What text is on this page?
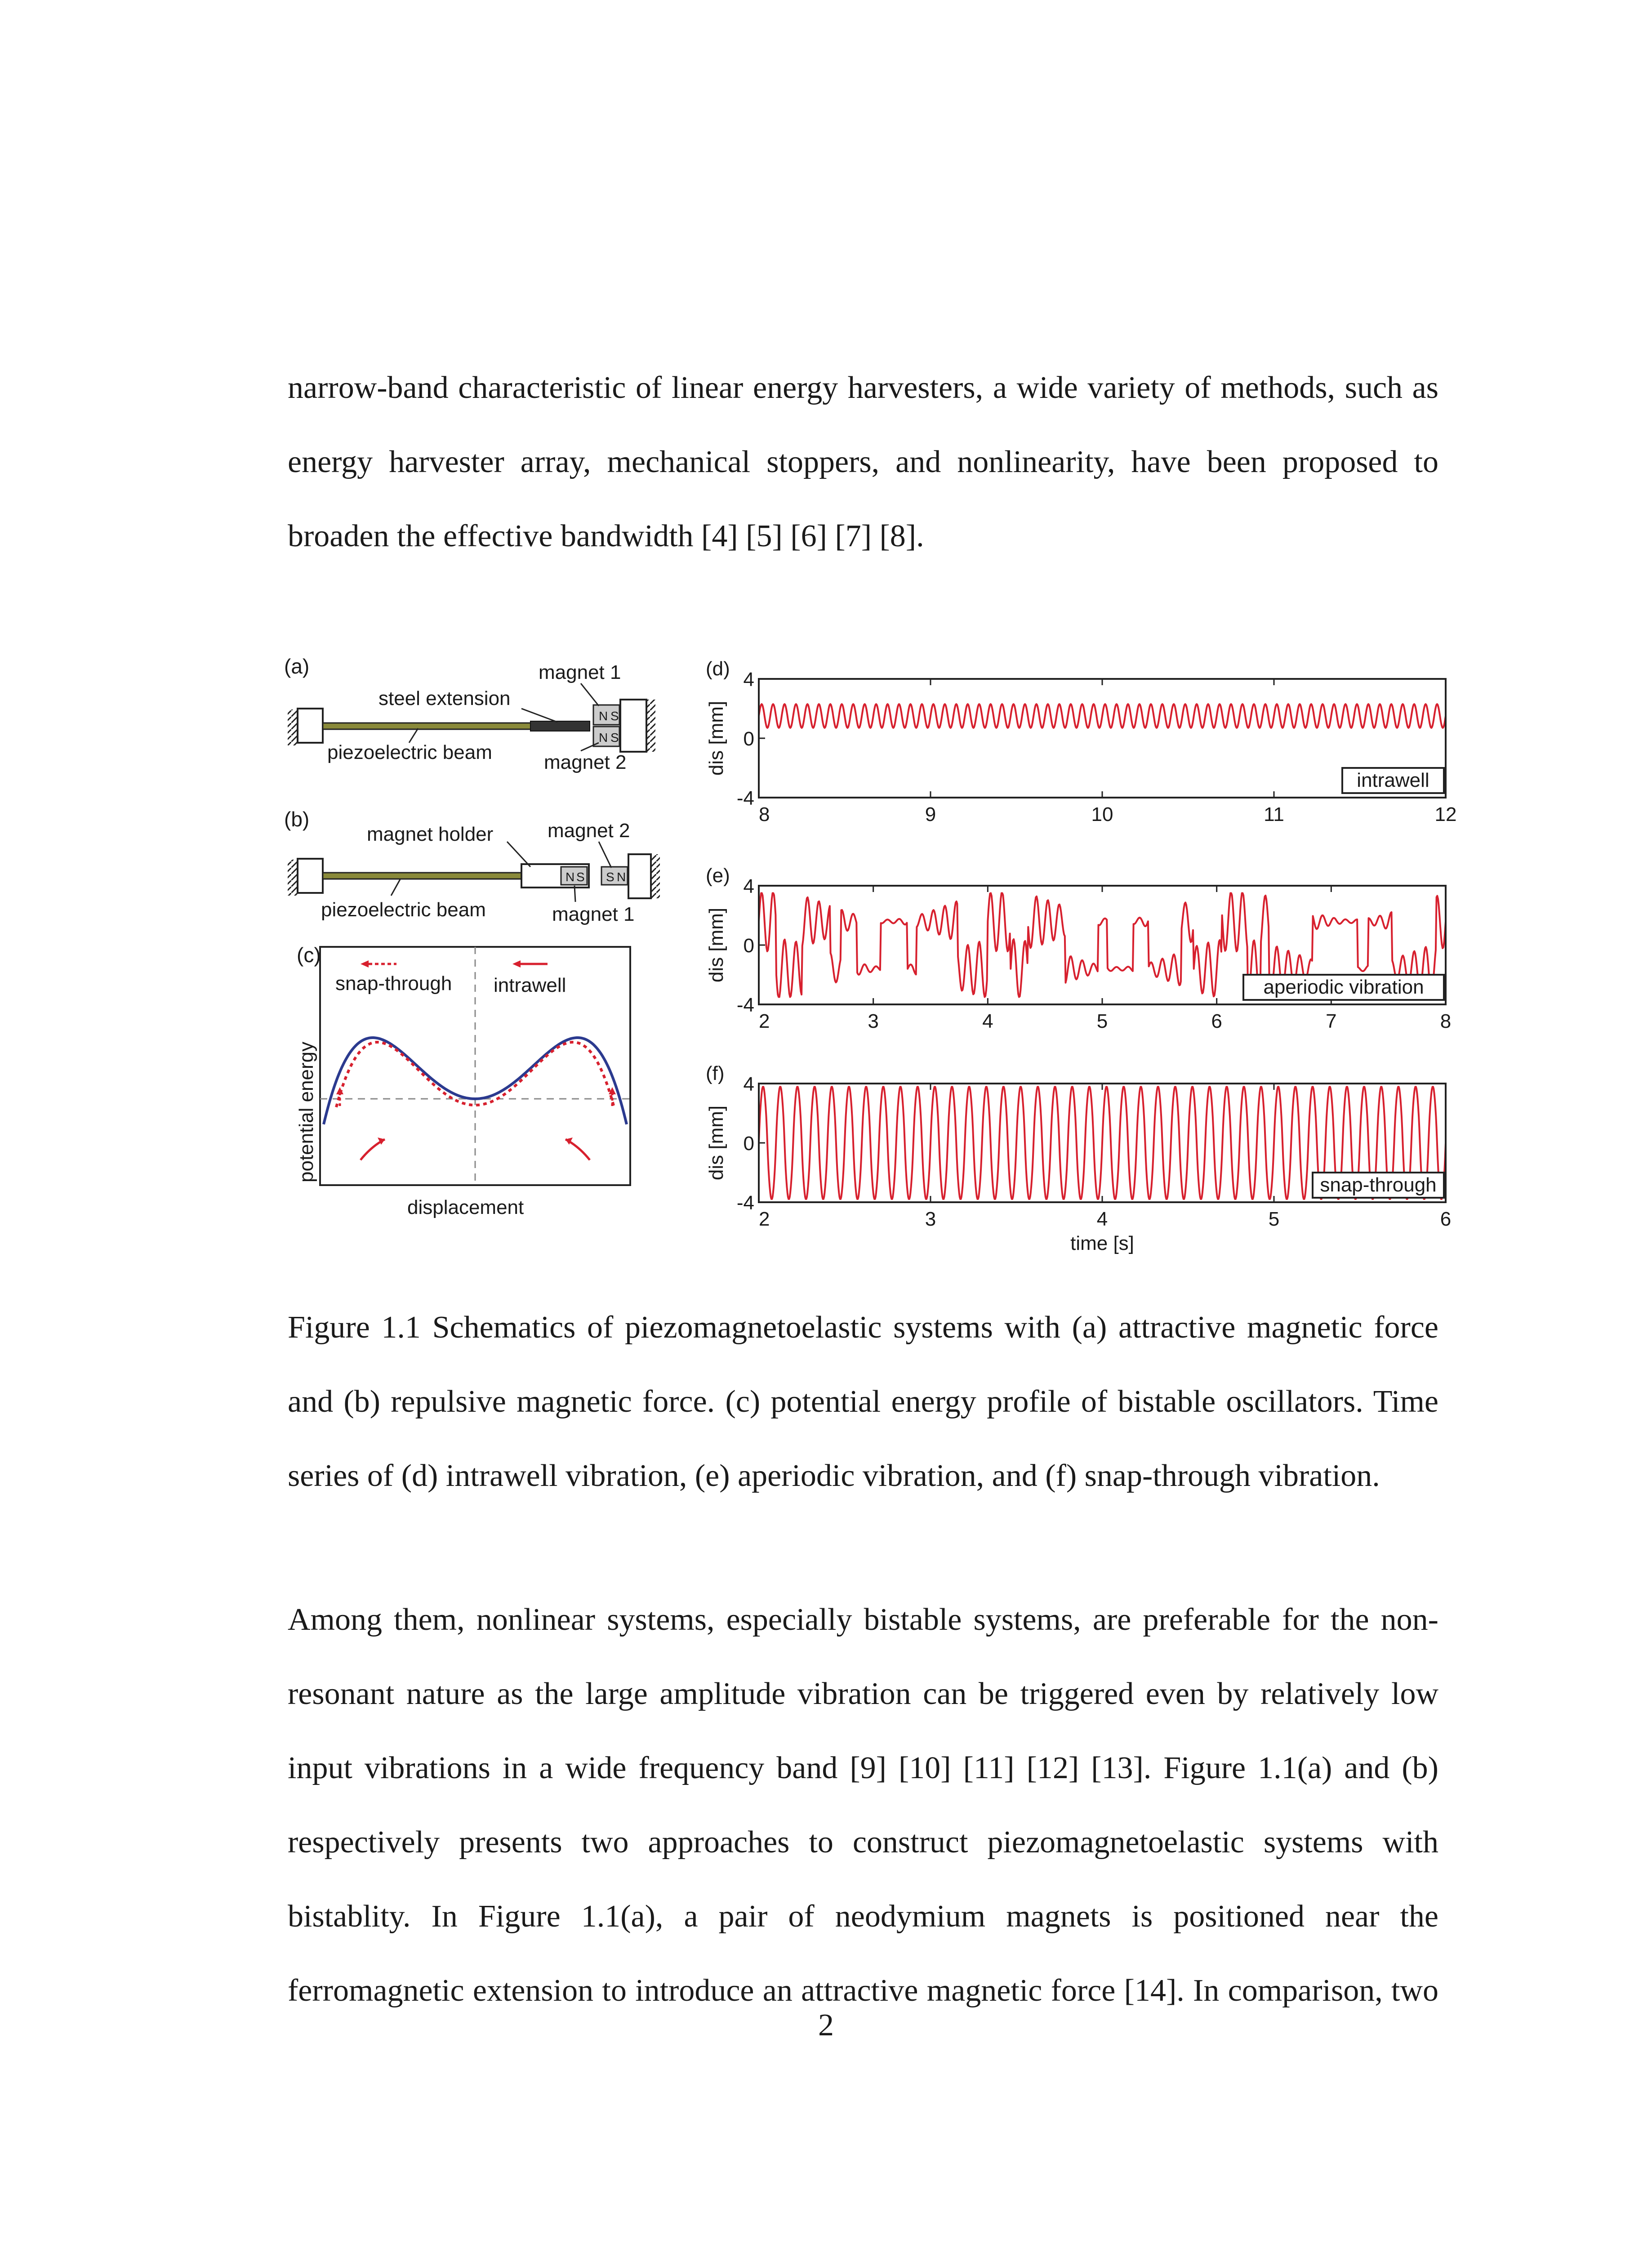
narrow-band characteristic of linear energy harvesters, a wide variety of methods, such as
energy harvester array, mechanical stoppers, and nonlinearity, have been proposed to
broaden the effective bandwidth [4] [5] [6] [7] [8].
(a)
N S
N S
steel extension
piezoelectric beam
magnet 1
magnet 2
(b)
N S S N
magnet holder
piezoelectric beam
magnet 2
magnet 1
(c)
snap-through intrawell
potential energy
displacement
(d)
8	9	10	11	12
4
0
-4
dis [mm]
intrawell
(e)
2	3	4	5	6	7	8
4
0
-4
dis [mm]
aperiodic vibration
(f)
2	3	4	5	6
4
0
-4
dis [mm]
snap-through
time [s]
Figure 1.1 Schematics of piezomagnetoelastic systems with (a) attractive magnetic force
and (b) repulsive magnetic force. (c) potential energy profile of bistable oscillators. Time
series of (d) intrawell vibration, (e) aperiodic vibration, and (f) snap-through vibration.
Among them, nonlinear systems, especially bistable systems, are preferable for the non-
resonant nature as the large amplitude vibration can be triggered even by relatively low
input vibrations in a wide frequency band [9] [10] [11] [12] [13]. Figure 1.1(a) and (b)
respectively presents two approaches to construct piezomagnetoelastic systems with
bistablity. In Figure 1.1(a), a pair of neodymium magnets is positioned near the
ferromagnetic extension to introduce an attractive magnetic force [14]. In comparison, two
2
